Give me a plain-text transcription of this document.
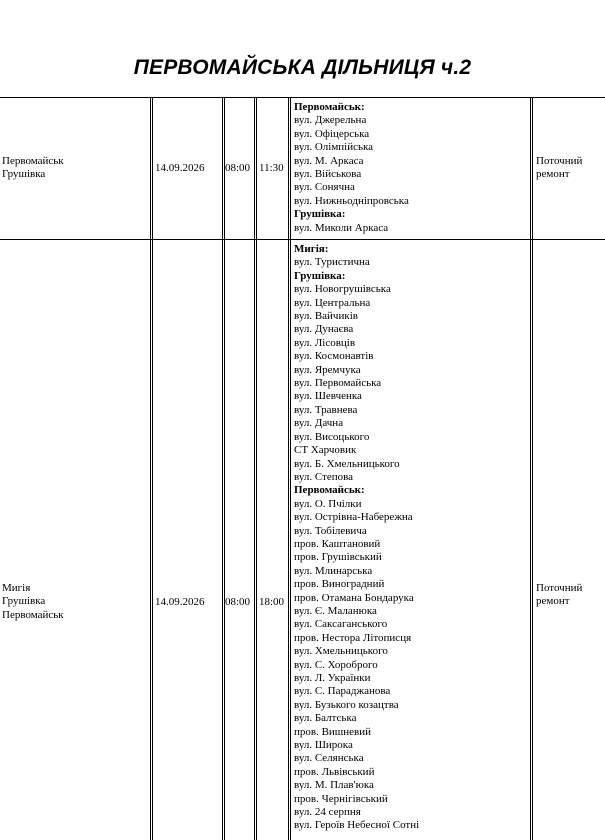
ПЕРВОМАЙСЬКА ДІЛЬНИЦЯ ч.2
Первомайськ
Грушівка
14.09.2026	08:00 11:30
Первомайськ:
вул. Джерельна
вул. Офіцерська
вул. Олімпійська
вул. М. Аркаса
вул. Військова
вул. Сонячна
вул. Нижньодніпровська
Грушівка:
вул. Миколи Аркаса
Поточний
ремонт
Мигія
Грушівка
Первомайськ
14.09.2026	08:00 18:00
Мигія:
вул. Туристична
Грушівка:
вул. Новогрушівська
вул. Центральна
вул. Вайчиків
вул. Дунаєва
вул. Лісовців
вул. Космонавтів
вул. Яремчука
вул. Первомайська
вул. Шевченка
вул. Травнева
вул. Дачна
вул. Висоцького
СТ Харчовик
вул. Б. Хмельницького
вул. Степова
Первомайськ:
вул. О. Пчілки
вул. Острівна-Набережна
вул. Тобілевича
пров. Каштановий
пров. Грушівський
вул. Млинарська
пров. Виноградний
пров. Отамана Бондарука
вул. Є. Маланюка
вул. Саксаганського
пров. Нестора Літописця
вул. Хмельницького
вул. С. Хороброго
вул. Л. Українки
вул. С. Параджанова
вул. Бузького козацтва
вул. Балтська
пров. Вишневий
вул. Широка
вул. Селянська
пров. Львівський
вул. М. Плав'юка
пров. Чернігівський
вул. 24 серпня
вул. Героїв Небесної Сотні
Поточний
ремонт
